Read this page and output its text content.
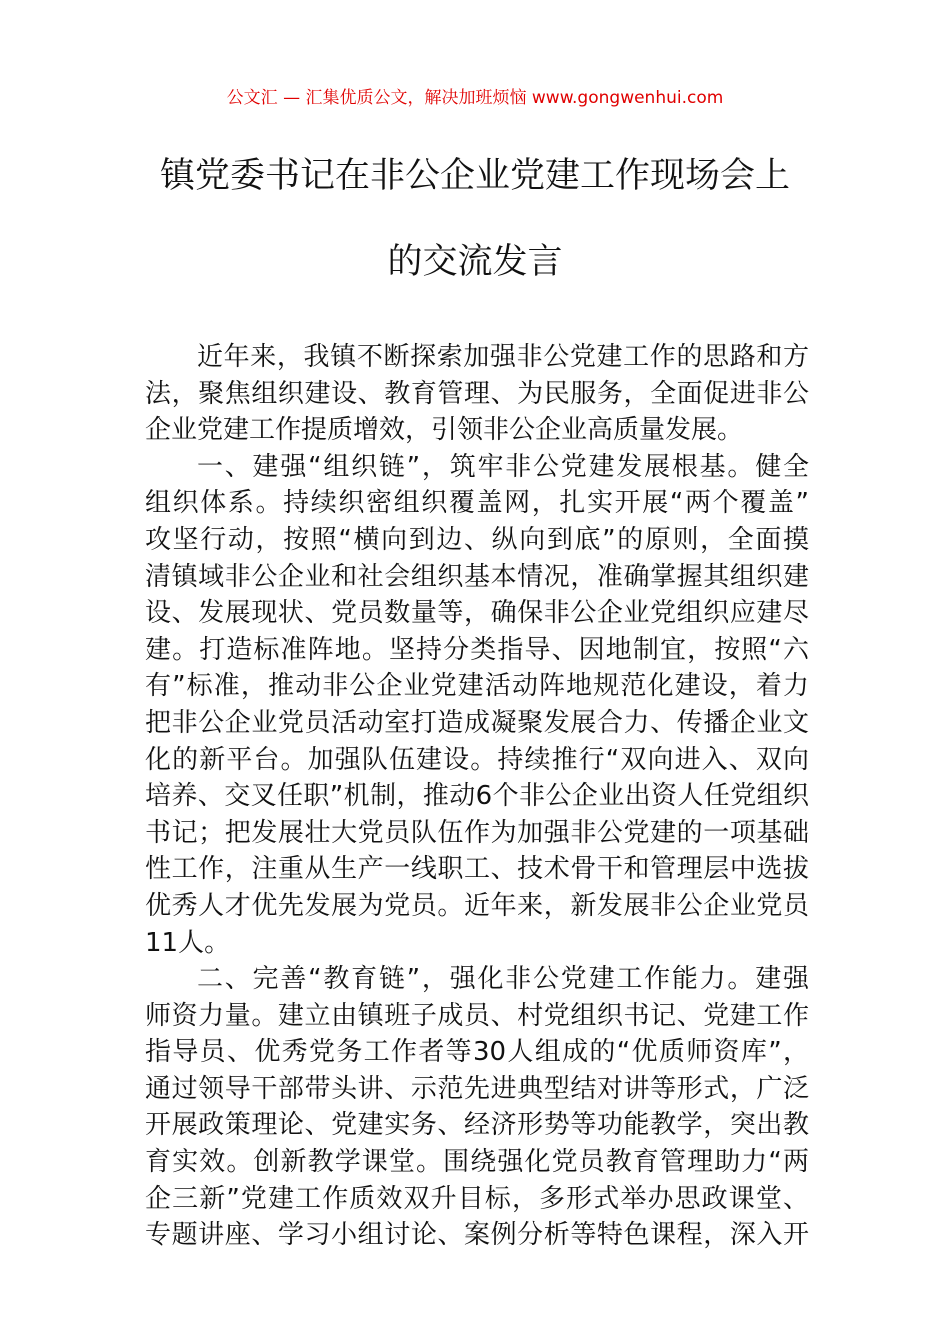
公文汇 — 汇集优质公文，解决加班烦恼 www.gongwenhui.com
镇党委书记在非公企业党建工作现场会上
的交流发言
近年来，我镇不断探索加强非公党建工作的思路和方
法，聚焦组织建设、教育管理、为民服务，全面促进非公
企业党建工作提质增效，引领非公企业高质量发展。
一、建强“组织链”，筑牢非公党建发展根基。健全
组织体系。持续织密组织覆盖网，扎实开展“两个覆盖”
攻坚行动，按照“横向到边、纵向到底”的原则，全面摸
清镇域非公企业和社会组织基本情况，准确掌握其组织建
设、发展现状、党员数量等，确保非公企业党组织应建尽
建。打造标准阵地。坚持分类指导、因地制宜，按照“六
有”标准，推动非公企业党建活动阵地规范化建设，着力
把非公企业党员活动室打造成凝聚发展合力、传播企业文
化的新平台。加强队伍建设。持续推行“双向进入、双向
培养、交叉任职”机制，推动6个非公企业出资人任党组织
书记；把发展壮大党员队伍作为加强非公党建的一项基础
性工作，注重从生产一线职工、技术骨干和管理层中选拔
优秀人才优先发展为党员。近年来，新发展非公企业党员
11人。
二、完善“教育链”，强化非公党建工作能力。建强
师资力量。建立由镇班子成员、村党组织书记、党建工作
指导员、优秀党务工作者等30人组成的“优质师资库”，
通过领导干部带头讲、示范先进典型结对讲等形式，广泛
开展政策理论、党建实务、经济形势等功能教学，突出教
育实效。创新教学课堂。围绕强化党员教育管理助力“两
企三新”党建工作质效双升目标，多形式举办思政课堂、
专题讲座、学习小组讨论、案例分析等特色课程，深入开
